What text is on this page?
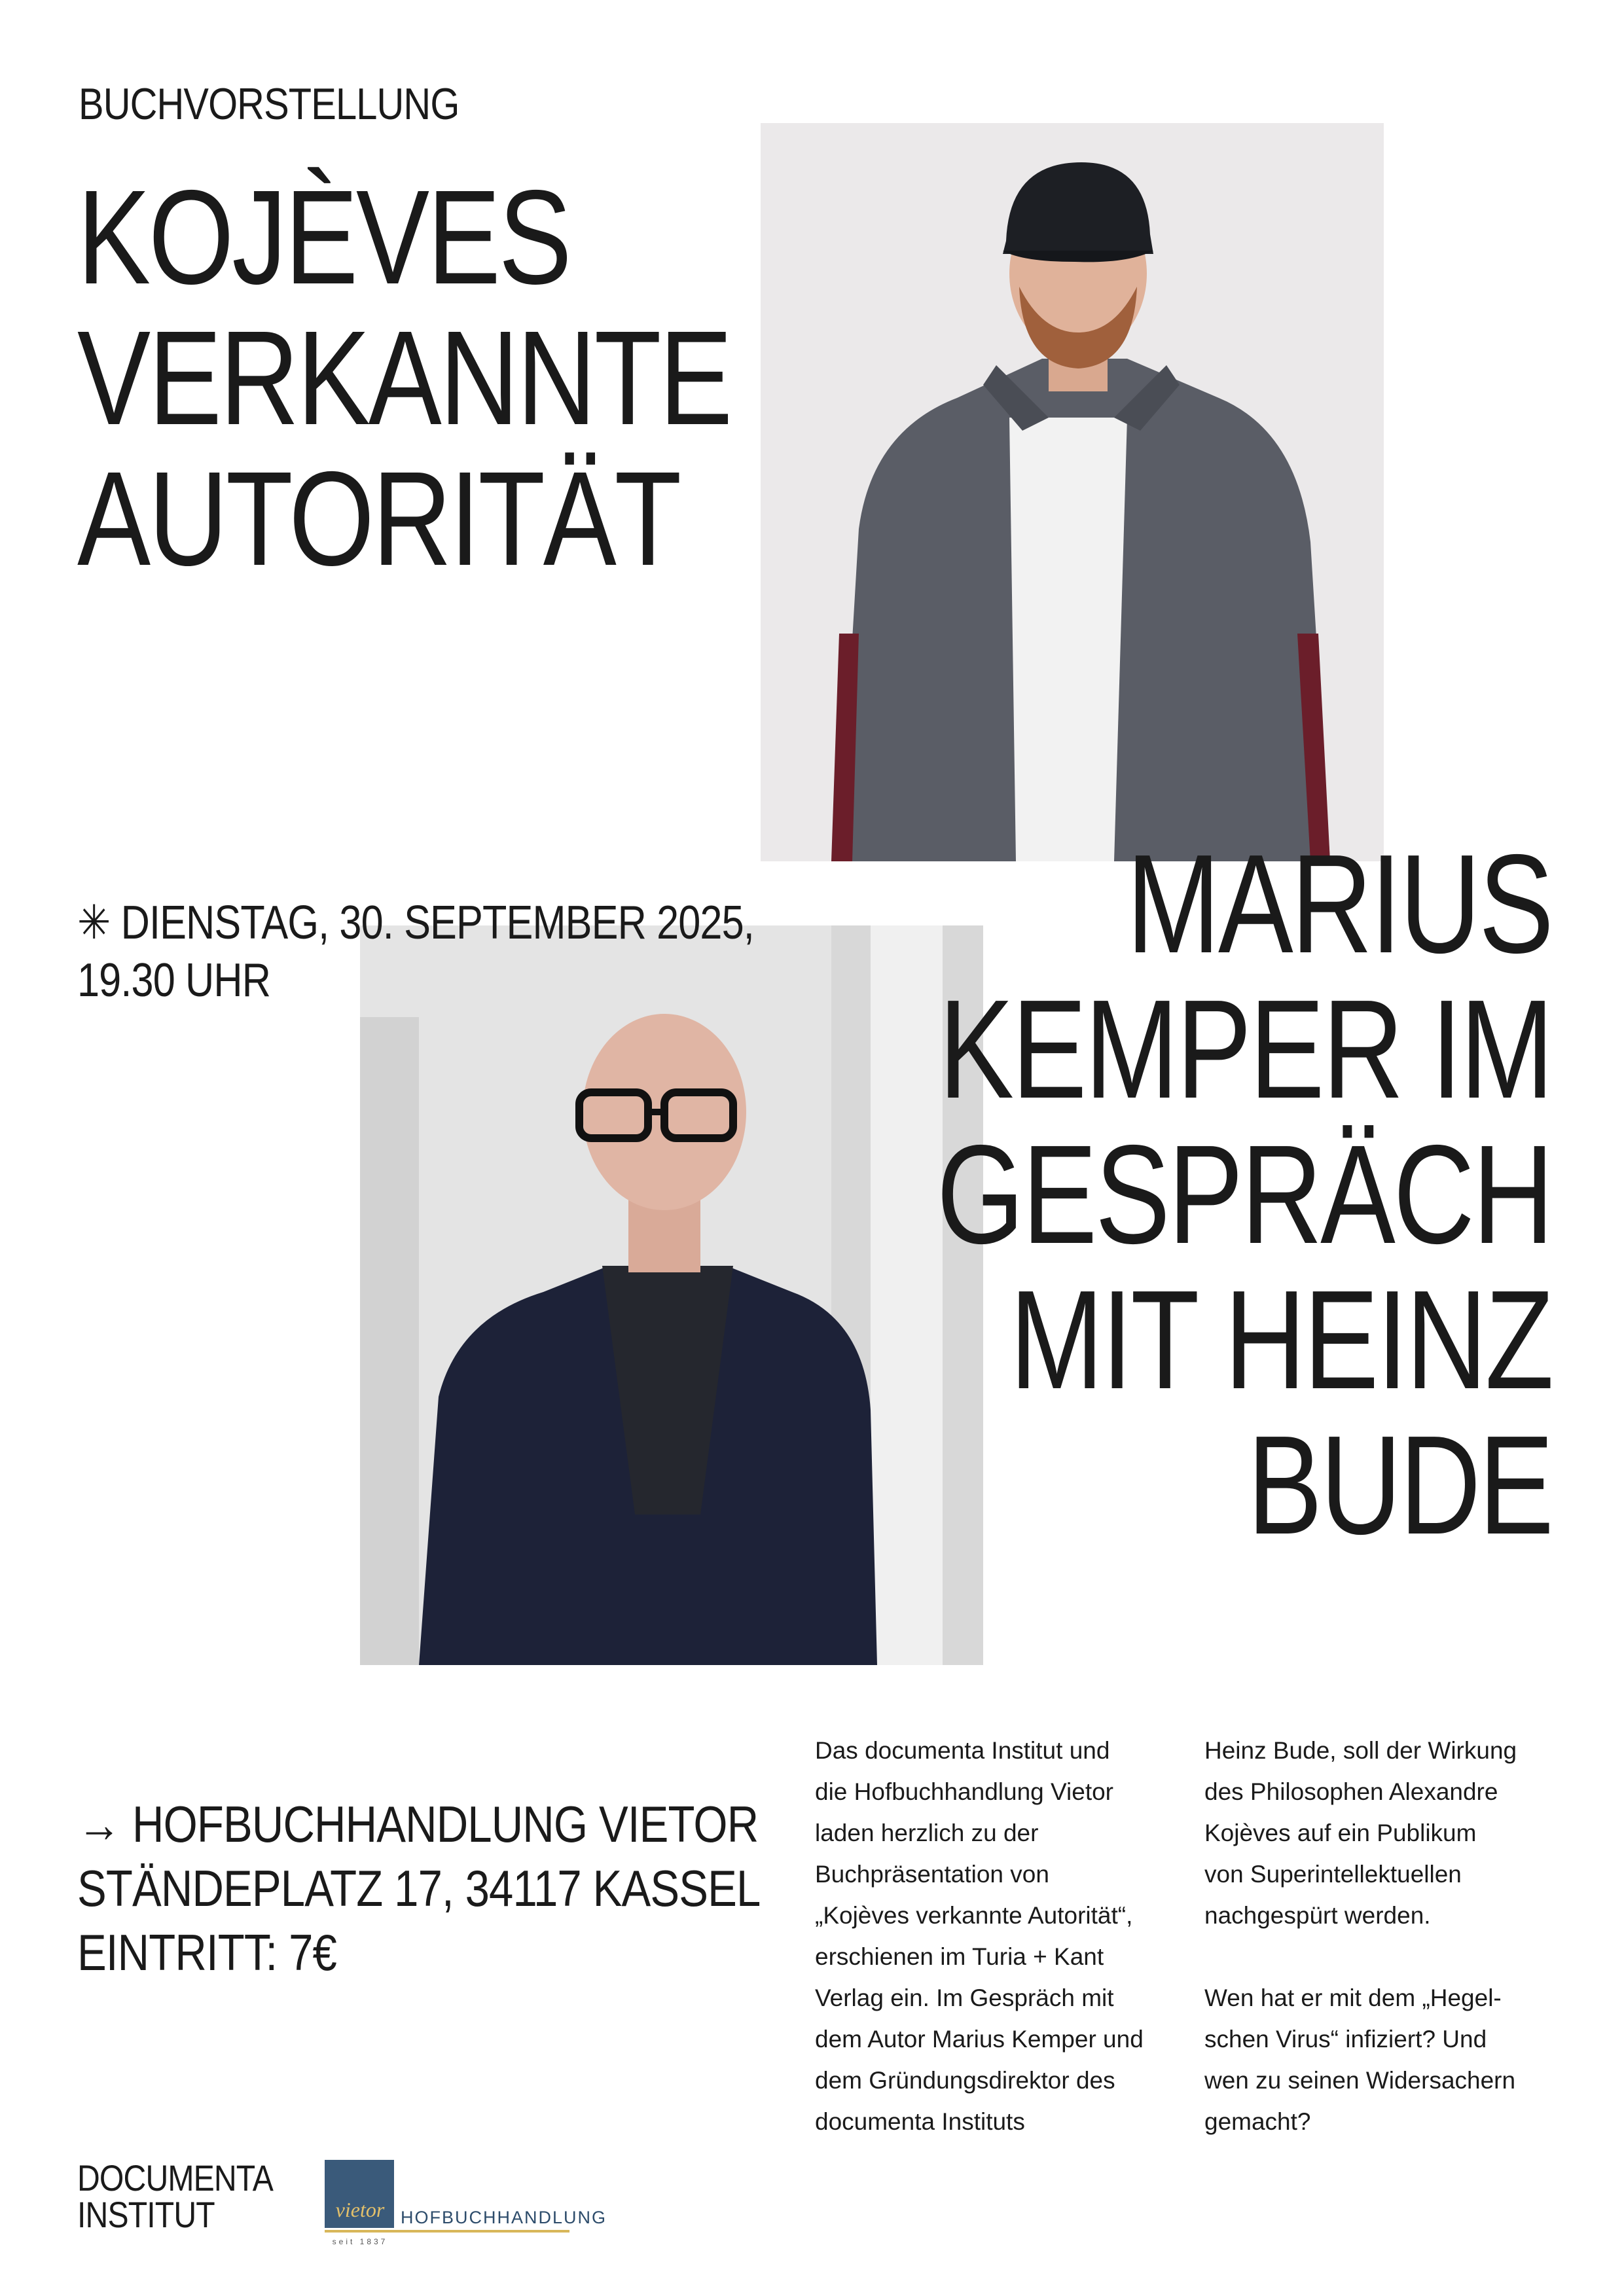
BUCHVORSTELLUNG
KOJÈVES
VERKANNTE
AUTORITÄT
✳ DIENSTAG, 30. SEPTEMBER 2025,
19.30 UHR	MARIUS
KEMPER IM
GESPRÄCH
MIT HEINZ
BUDE
→ HOFBUCHHANDLUNG VIETOR
STÄNDEPLATZ 17, 34117 KASSEL
EINTRITT: 7€

Das documenta Institut und

die Hofbuchhandlung Vietor

laden herzlich zu der

Buchpräsentation von

„Kojèves verkannte Autorität“,

erschienen im Turia + Kant

Verlag ein. Im Gespräch mit

dem Autor Marius Kemper und

dem Gründungsdirektor des

documenta Instituts

Heinz Bude, soll der Wirkung

des Philosophen Alexandre

Kojèves auf ein Publikum

von Superintellektuellen

nachgespürt werden.

Wen hat er mit dem „Hegel-

schen Virus“ infiziert? Und

wen zu seinen Widersachern

gemacht?

DOCUMENTA
INSTITUT	vietor HOFBUCHHANDLUNG
seit 1837
